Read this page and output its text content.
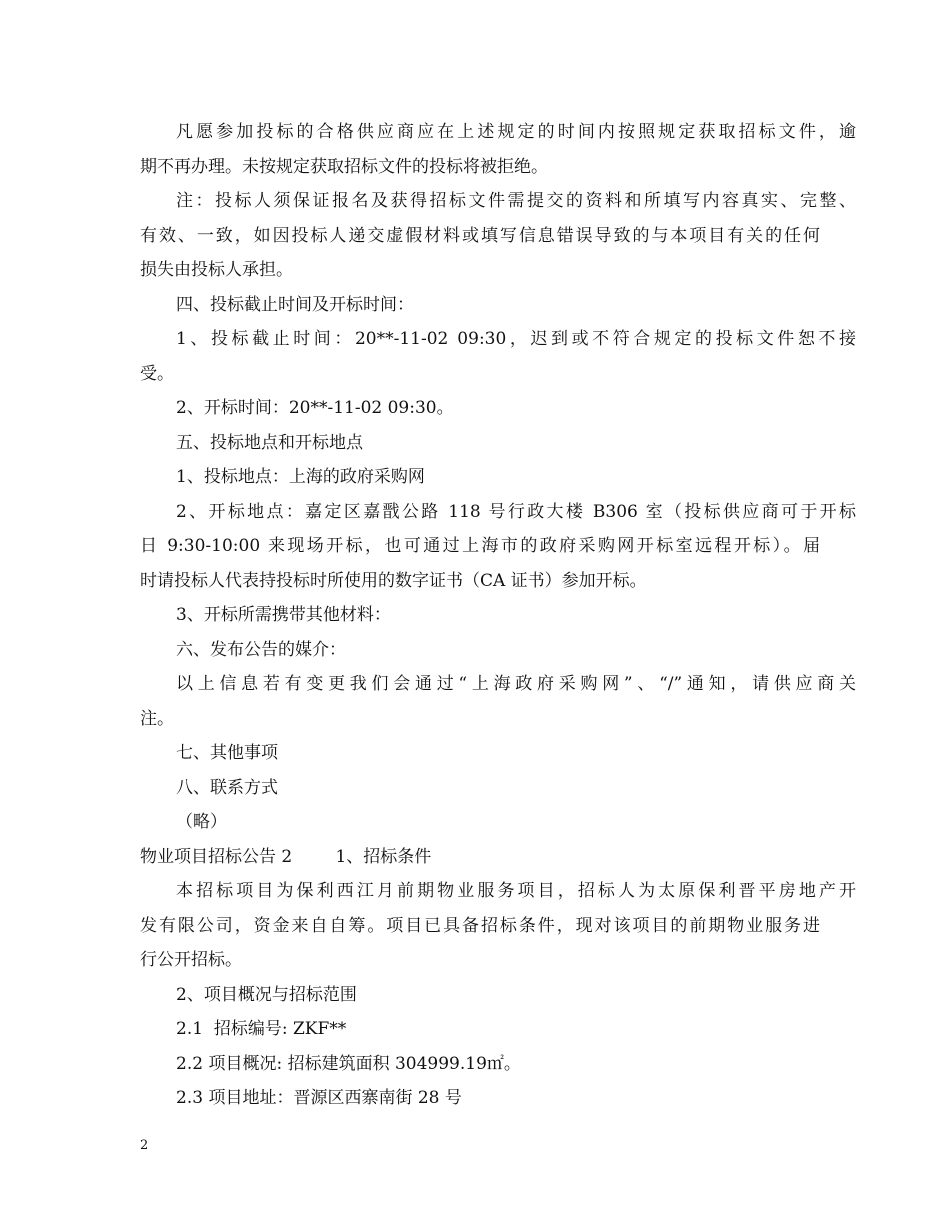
凡愿参加投标的合格供应商应在上述规定的时间内按照规定获取招标文件，逾
期不再办理。未按规定获取招标文件的投标将被拒绝。
注：投标人须保证报名及获得招标文件需提交的资料和所填写内容真实、完整、
有效、一致，如因投标人递交虚假材料或填写信息错误导致的与本项目有关的任何
损失由投标人承担。
四、投标截止时间及开标时间：
1、投标截止时间：20**-11-02 09:30，迟到或不符合规定的投标文件恕不接
受。
2、开标时间：20**-11-02 09:30。
五、投标地点和开标地点
1、投标地点：上海的政府采购网
2、开标地点：嘉定区嘉戬公路 118 号行政大楼 B306 室（投标供应商可于开标
日 9:30-10:00 来现场开标，也可通过上海市的政府采购网开标室远程开标）。届
时请投标人代表持投标时所使用的数字证书（CA 证书）参加开标。
3、开标所需携带其他材料：
六、发布公告的媒介：
以上信息若有变更我们会通过“上海政府采购网”、“/”通知，请供应商关
注。
七、其他事项
八、联系方式
（略）
物业项目招标公告 2        1、招标条件
本招标项目为保利西江月前期物业服务项目，招标人为太原保利晋平房地产开
发有限公司，资金来自自筹。项目已具备招标条件，现对该项目的前期物业服务进
行公开招标。
2、项目概况与招标范围
2.1  招标编号: ZKF**
2.2 项目概况: 招标建筑面积 304999.19㎡。
2.3 项目地址：晋源区西寨南街 28 号
2
